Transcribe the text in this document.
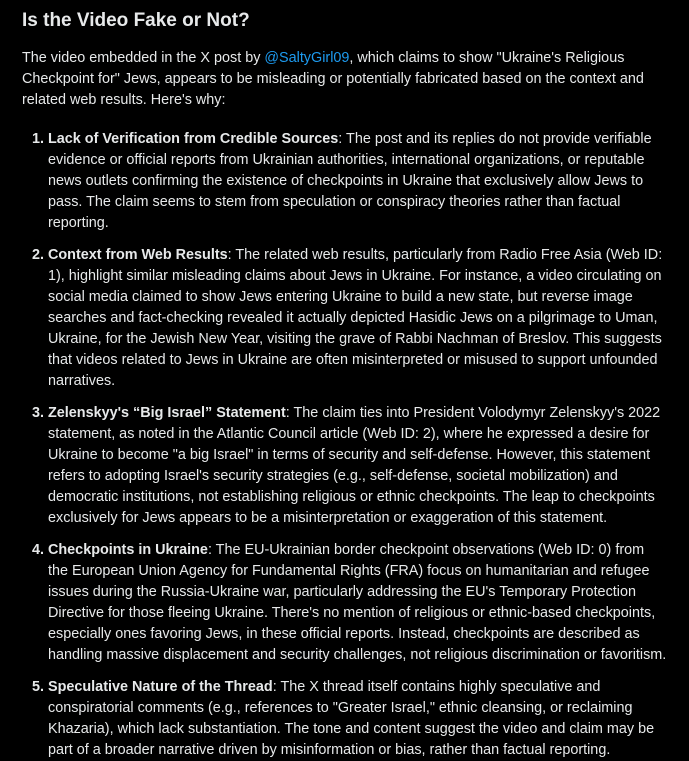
Is the Video Fake or Not?

The video embedded in the X post by @SaltyGirl09, which claims to show "Ukraine's Religious Checkpoint for" Jews, appears to be misleading or potentially fabricated based on the context and related web results. Here's why:

1. Lack of Verification from Credible Sources: The post and its replies do not provide verifiable evidence or official reports from Ukrainian authorities, international organizations, or reputable news outlets confirming the existence of checkpoints in Ukraine that exclusively allow Jews to pass. The claim seems to stem from speculation or conspiracy theories rather than factual reporting.
2. Context from Web Results: The related web results, particularly from Radio Free Asia (Web ID: 1), highlight similar misleading claims about Jews in Ukraine. For instance, a video circulating on social media claimed to show Jews entering Ukraine to build a new state, but reverse image searches and fact-checking revealed it actually depicted Hasidic Jews on a pilgrimage to Uman, Ukraine, for the Jewish New Year, visiting the grave of Rabbi Nachman of Breslov. This suggests that videos related to Jews in Ukraine are often misinterpreted or misused to support unfounded narratives.
3. Zelenskyy's “Big Israel” Statement: The claim ties into President Volodymyr Zelenskyy's 2022 statement, as noted in the Atlantic Council article (Web ID: 2), where he expressed a desire for Ukraine to become "a big Israel" in terms of security and self-defense. However, this statement refers to adopting Israel's security strategies (e.g., self-defense, societal mobilization) and democratic institutions, not establishing religious or ethnic checkpoints. The leap to checkpoints exclusively for Jews appears to be a misinterpretation or exaggeration of this statement.
4. Checkpoints in Ukraine: The EU-Ukrainian border checkpoint observations (Web ID: 0) from the European Union Agency for Fundamental Rights (FRA) focus on humanitarian and refugee issues during the Russia-Ukraine war, particularly addressing the EU's Temporary Protection Directive for those fleeing Ukraine. There's no mention of religious or ethnic-based checkpoints, especially ones favoring Jews, in these official reports. Instead, checkpoints are described as handling massive displacement and security challenges, not religious discrimination or favoritism.
5. Speculative Nature of the Thread: The X thread itself contains highly speculative and conspiratorial comments (e.g., references to "Greater Israel," ethnic cleansing, or reclaiming Khazaria), which lack substantiation. The tone and content suggest the video and claim may be part of a broader narrative driven by misinformation or bias, rather than factual reporting.
